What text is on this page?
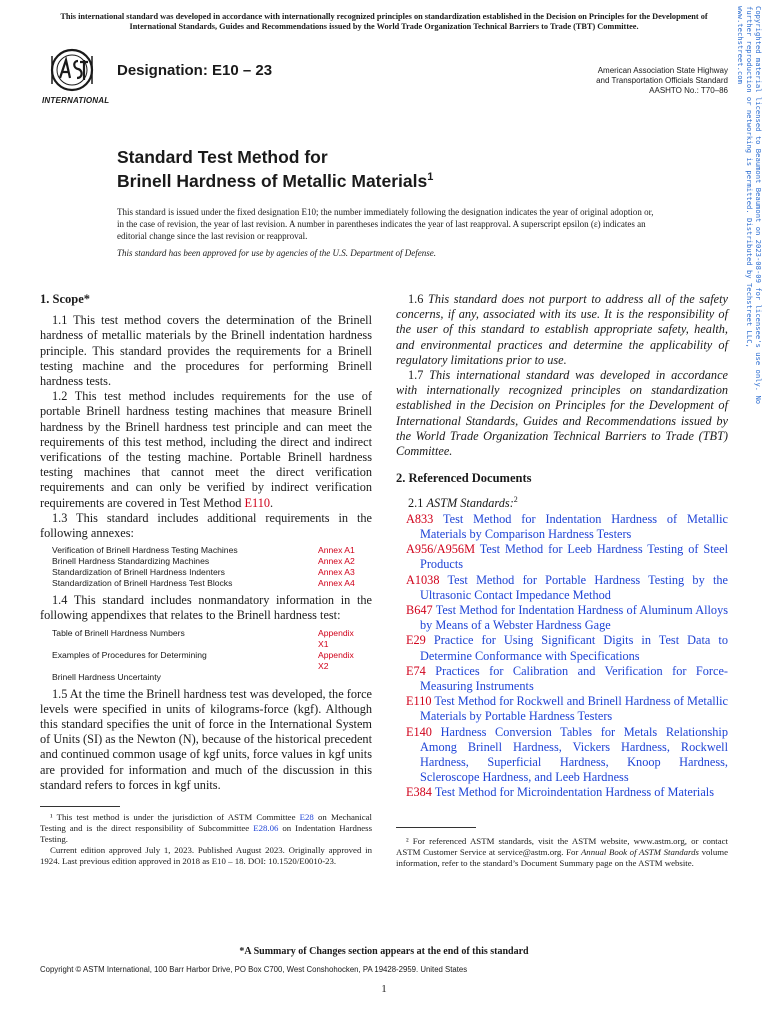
This international standard was developed in accordance with internationally recognized principles on standardization established in the Decision on Principles for the Development of International Standards, Guides and Recommendations issued by the World Trade Organization Technical Barriers to Trade (TBT) Committee.
INTERNATIONAL
Designation: E10 – 23	American Association State Highway
and Transportation Officials Standard
AASHTO No.: T70–86
Standard Test Method for
Brinell Hardness of Metallic Materials$^1$
This standard is issued under the fixed designation E10; the number immediately following the designation indicates the year of original adoption or, in the case of revision, the year of last revision. A number in parentheses indicates the year of last reapproval. A superscript epsilon (ε) indicates an editorial change since the last revision or reapproval.
This standard has been approved for use by agencies of the U.S. Department of Defense.
1. Scope*

1.1 This test method covers the determination of the Brinell hardness of metallic materials by the Brinell indentation hardness principle. This standard provides the requirements for a Brinell testing machine and the procedures for performing Brinell hardness tests.

1.2 This test method includes requirements for the use of portable Brinell hardness testing machines that measure Brinell hardness by the Brinell hardness test principle and can meet the requirements of this test method, including the direct and indirect verifications of the testing machine. Portable Brinell hardness testing machines that cannot meet the direct verification requirements and can only be verified by indirect verification requirements are covered in Test Method E110.

1.3 This standard includes additional requirements in the following annexes:

Verification of Brinell Hardness Testing Machines	Annex A1
Brinell Hardness Standardizing Machines	Annex A2
Standardization of Brinell Hardness Indenters	Annex A3
Standardization of Brinell Hardness Test Blocks	Annex A4

1.4 This standard includes nonmandatory information in the following appendixes that relates to the Brinell hardness test:

Table of Brinell Hardness Numbers	Appendix X1
Examples of Procedures for Determining	Appendix X2
Brinell Hardness Uncertainty

1.5 At the time the Brinell hardness test was developed, the force levels were specified in units of kilograms-force (kgf). Although this standard specifies the unit of force in the International System of Units (SI) as the Newton (N), because of the historical precedent and continued common usage of kgf units, force values in kgf units are provided for information and much of the discussion in this standard refers to forces in kgf units.

1.6 This standard does not purport to address all of the safety concerns, if any, associated with its use. It is the responsibility of the user of this standard to establish appropriate safety, health, and environmental practices and determine the applicability of regulatory limitations prior to use.

1.7 This international standard was developed in accordance with internationally recognized principles on standardization established in the Decision on Principles for the Development of International Standards, Guides and Recommendations issued by the World Trade Organization Technical Barriers to Trade (TBT) Committee.

2. Referenced Documents

2.1 ASTM Standards:$^2$

A833 Test Method for Indentation Hardness of Metallic Materials by Comparison Hardness Testers
A956/A956M Test Method for Leeb Hardness Testing of Steel Products
A1038 Test Method for Portable Hardness Testing by the Ultrasonic Contact Impedance Method
B647 Test Method for Indentation Hardness of Aluminum Alloys by Means of a Webster Hardness Gage
E29 Practice for Using Significant Digits in Test Data to Determine Conformance with Specifications
E74 Practices for Calibration and Verification for Force-Measuring Instruments
E110 Test Method for Rockwell and Brinell Hardness of Metallic Materials by Portable Hardness Testers
E140 Hardness Conversion Tables for Metals Relationship Among Brinell Hardness, Vickers Hardness, Rockwell Hardness, Superficial Hardness, Knoop Hardness, Scleroscope Hardness, and Leeb Hardness
E384 Test Method for Microindentation Hardness of Materials

¹ This test method is under the jurisdiction of ASTM Committee E28 on Mechanical Testing and is the direct responsibility of Subcommittee E28.06 on Indentation Hardness Testing.

Current edition approved July 1, 2023. Published August 2023. Originally approved in 1924. Last previous edition approved in 2018 as E10 – 18. DOI: 10.1520/E0010-23.

² For referenced ASTM standards, visit the ASTM website, www.astm.org, or contact ASTM Customer Service at service@astm.org. For Annual Book of ASTM Standards volume information, refer to the standard’s Document Summary page on the ASTM website.

*A Summary of Changes section appears at the end of this standard
Copyright © ASTM International, 100 Barr Harbor Drive, PO Box C700, West Conshohocken, PA 19428-2959. United States
1
Copyrighted material licensed to Beaumont Beaumont on 2023-08-09 for licensee's use only. No further reproduction or networking is permitted. Distributed by Techstreet LLC, www.techstreet.com
